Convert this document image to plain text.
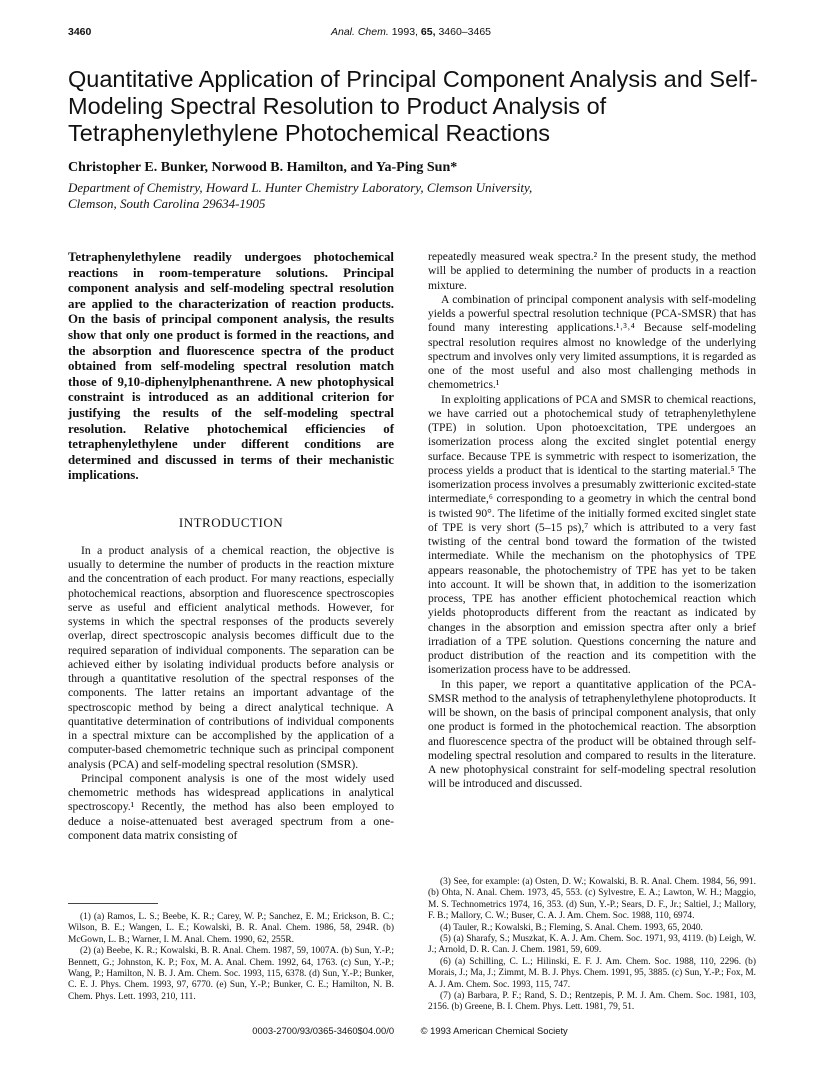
3460	Anal. Chem. 1993, 65, 3460–3465
Quantitative Application of Principal Component Analysis and Self-Modeling Spectral Resolution to Product Analysis of Tetraphenylethylene Photochemical Reactions
Christopher E. Bunker, Norwood B. Hamilton, and Ya-Ping Sun*
Department of Chemistry, Howard L. Hunter Chemistry Laboratory, Clemson University,
Clemson, South Carolina 29634-1905

Tetraphenylethylene readily undergoes photochemical reactions in room-temperature solutions. Principal component analysis and self-modeling spectral resolution are applied to the characterization of reaction products. On the basis of principal component analysis, the results show that only one product is formed in the reactions, and the absorption and fluorescence spectra of the product obtained from self-modeling spectral resolution match those of 9,10-diphenylphenanthrene. A new photophysical constraint is introduced as an additional criterion for justifying the results of the self-modeling spectral resolution. Relative photochemical efficiencies of tetraphenylethylene under different conditions are determined and discussed in terms of their mechanistic implications.

INTRODUCTION

In a product analysis of a chemical reaction, the objective is usually to determine the number of products in the reaction mixture and the concentration of each product. For many reactions, especially photochemical reactions, absorption and fluorescence spectroscopies serve as useful and efficient analytical methods. However, for systems in which the spectral responses of the products severely overlap, direct spectroscopic analysis becomes difficult due to the required separation of individual components. The separation can be achieved either by isolating individual products before analysis or through a quantitative resolution of the spectral responses of the components. The latter retains an important advantage of the spectroscopic method by being a direct analytical technique. A quantitative determination of contributions of individual components in a spectral mixture can be accomplished by the application of a computer-based chemometric technique such as principal component analysis (PCA) and self-modeling spectral resolution (SMSR).

Principal component analysis is one of the most widely used chemometric methods has widespread applications in analytical spectroscopy.¹ Recently, the method has also been employed to deduce a noise-attenuated best averaged spectrum from a one-component data matrix consisting of

repeatedly measured weak spectra.² In the present study, the method will be applied to determining the number of products in a reaction mixture.

A combination of principal component analysis with self-modeling yields a powerful spectral resolution technique (PCA-SMSR) that has found many interesting applications.¹˒³˒⁴ Because self-modeling spectral resolution requires almost no knowledge of the underlying spectrum and involves only very limited assumptions, it is regarded as one of the most useful and also most challenging methods in chemometrics.¹

In exploiting applications of PCA and SMSR to chemical reactions, we have carried out a photochemical study of tetraphenylethylene (TPE) in solution. Upon photoexcitation, TPE undergoes an isomerization process along the excited singlet potential energy surface. Because TPE is symmetric with respect to isomerization, the process yields a product that is identical to the starting material.⁵ The isomerization process involves a presumably zwitterionic excited-state intermediate,⁶ corresponding to a geometry in which the central bond is twisted 90°. The lifetime of the initially formed excited singlet state of TPE is very short (5–15 ps),⁷ which is attributed to a very fast twisting of the central bond toward the formation of the twisted intermediate. While the mechanism on the photophysics of TPE appears reasonable, the photochemistry of TPE has yet to be taken into account. It will be shown that, in addition to the isomerization process, TPE has another efficient photochemical reaction which yields photoproducts different from the reactant as indicated by changes in the absorption and emission spectra after only a brief irradiation of a TPE solution. Questions concerning the nature and product distribution of the reaction and its competition with the isomerization process have to be addressed.

In this paper, we report a quantitative application of the PCA-SMSR method to the analysis of tetraphenylethylene photoproducts. It will be shown, on the basis of principal component analysis, that only one product is formed in the photochemical reaction. The absorption and fluorescence spectra of the product will be obtained through self-modeling spectral resolution and compared to results in the literature. A new photophysical constraint for self-modeling spectral resolution will be introduced and discussed.

(1) (a) Ramos, L. S.; Beebe, K. R.; Carey, W. P.; Sanchez, E. M.; Erickson, B. C.; Wilson, B. E.; Wangen, L. E.; Kowalski, B. R. Anal. Chem. 1986, 58, 294R. (b) McGown, L. B.; Warner, I. M. Anal. Chem. 1990, 62, 255R.

(2) (a) Beebe, K. R.; Kowalski, B. R. Anal. Chem. 1987, 59, 1007A. (b) Sun, Y.-P.; Bennett, G.; Johnston, K. P.; Fox, M. A. Anal. Chem. 1992, 64, 1763. (c) Sun, Y.-P.; Wang, P.; Hamilton, N. B. J. Am. Chem. Soc. 1993, 115, 6378. (d) Sun, Y.-P.; Bunker, C. E. J. Phys. Chem. 1993, 97, 6770. (e) Sun, Y.-P.; Bunker, C. E.; Hamilton, N. B. Chem. Phys. Lett. 1993, 210, 111.

(3) See, for example: (a) Osten, D. W.; Kowalski, B. R. Anal. Chem. 1984, 56, 991. (b) Ohta, N. Anal. Chem. 1973, 45, 553. (c) Sylvestre, E. A.; Lawton, W. H.; Maggio, M. S. Technometrics 1974, 16, 353. (d) Sun, Y.-P.; Sears, D. F., Jr.; Saltiel, J.; Mallory, F. B.; Mallory, C. W.; Buser, C. A. J. Am. Chem. Soc. 1988, 110, 6974.

(4) Tauler, R.; Kowalski, B.; Fleming, S. Anal. Chem. 1993, 65, 2040.

(5) (a) Sharafy, S.; Muszkat, K. A. J. Am. Chem. Soc. 1971, 93, 4119. (b) Leigh, W. J.; Arnold, D. R. Can. J. Chem. 1981, 59, 609.

(6) (a) Schilling, C. L.; Hilinski, E. F. J. Am. Chem. Soc. 1988, 110, 2296. (b) Morais, J.; Ma, J.; Zimmt, M. B. J. Phys. Chem. 1991, 95, 3885. (c) Sun, Y.-P.; Fox, M. A. J. Am. Chem. Soc. 1993, 115, 747.

(7) (a) Barbara, P. F.; Rand, S. D.; Rentzepis, P. M. J. Am. Chem. Soc. 1981, 103, 2156. (b) Greene, B. I. Chem. Phys. Lett. 1981, 79, 51.

0003-2700/93/0365-3460$04.00/0	© 1993 American Chemical Society
